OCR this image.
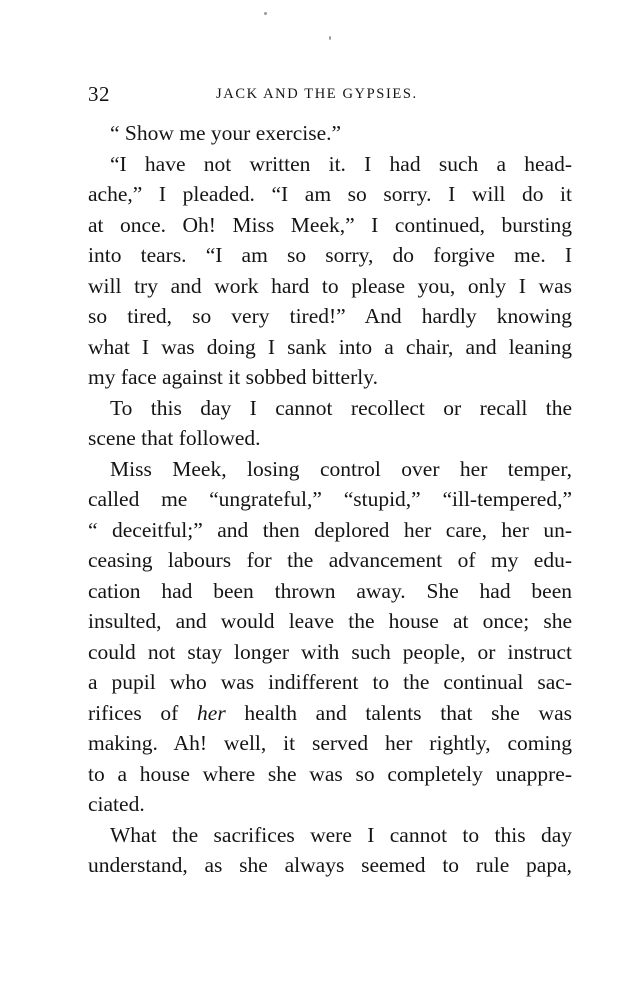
32	JACK AND THE GYPSIES.
“ Show me your exercise.”
“I have not written it. I had such a head-
ache,” I pleaded. “I am so sorry. I will do it
at once. Oh! Miss Meek,” I continued, bursting
into tears. “I am so sorry, do forgive me. I
will try and work hard to please you, only I was
so tired, so very tired!” And hardly knowing
what I was doing I sank into a chair, and leaning
my face against it sobbed bitterly.
To this day I cannot recollect or recall the
scene that followed.
Miss Meek, losing control over her temper,
called me “ungrateful,” “stupid,” “ill-tempered,”
“ deceitful;” and then deplored her care, her un-
ceasing labours for the advancement of my edu-
cation had been thrown away. She had been
insulted, and would leave the house at once; she
could not stay longer with such people, or instruct
a pupil who was indifferent to the continual sac-
rifices of her health and talents that she was
making. Ah! well, it served her rightly, coming
to a house where she was so completely unappre-
ciated.
What the sacrifices were I cannot to this day
understand, as she always seemed to rule papa,
